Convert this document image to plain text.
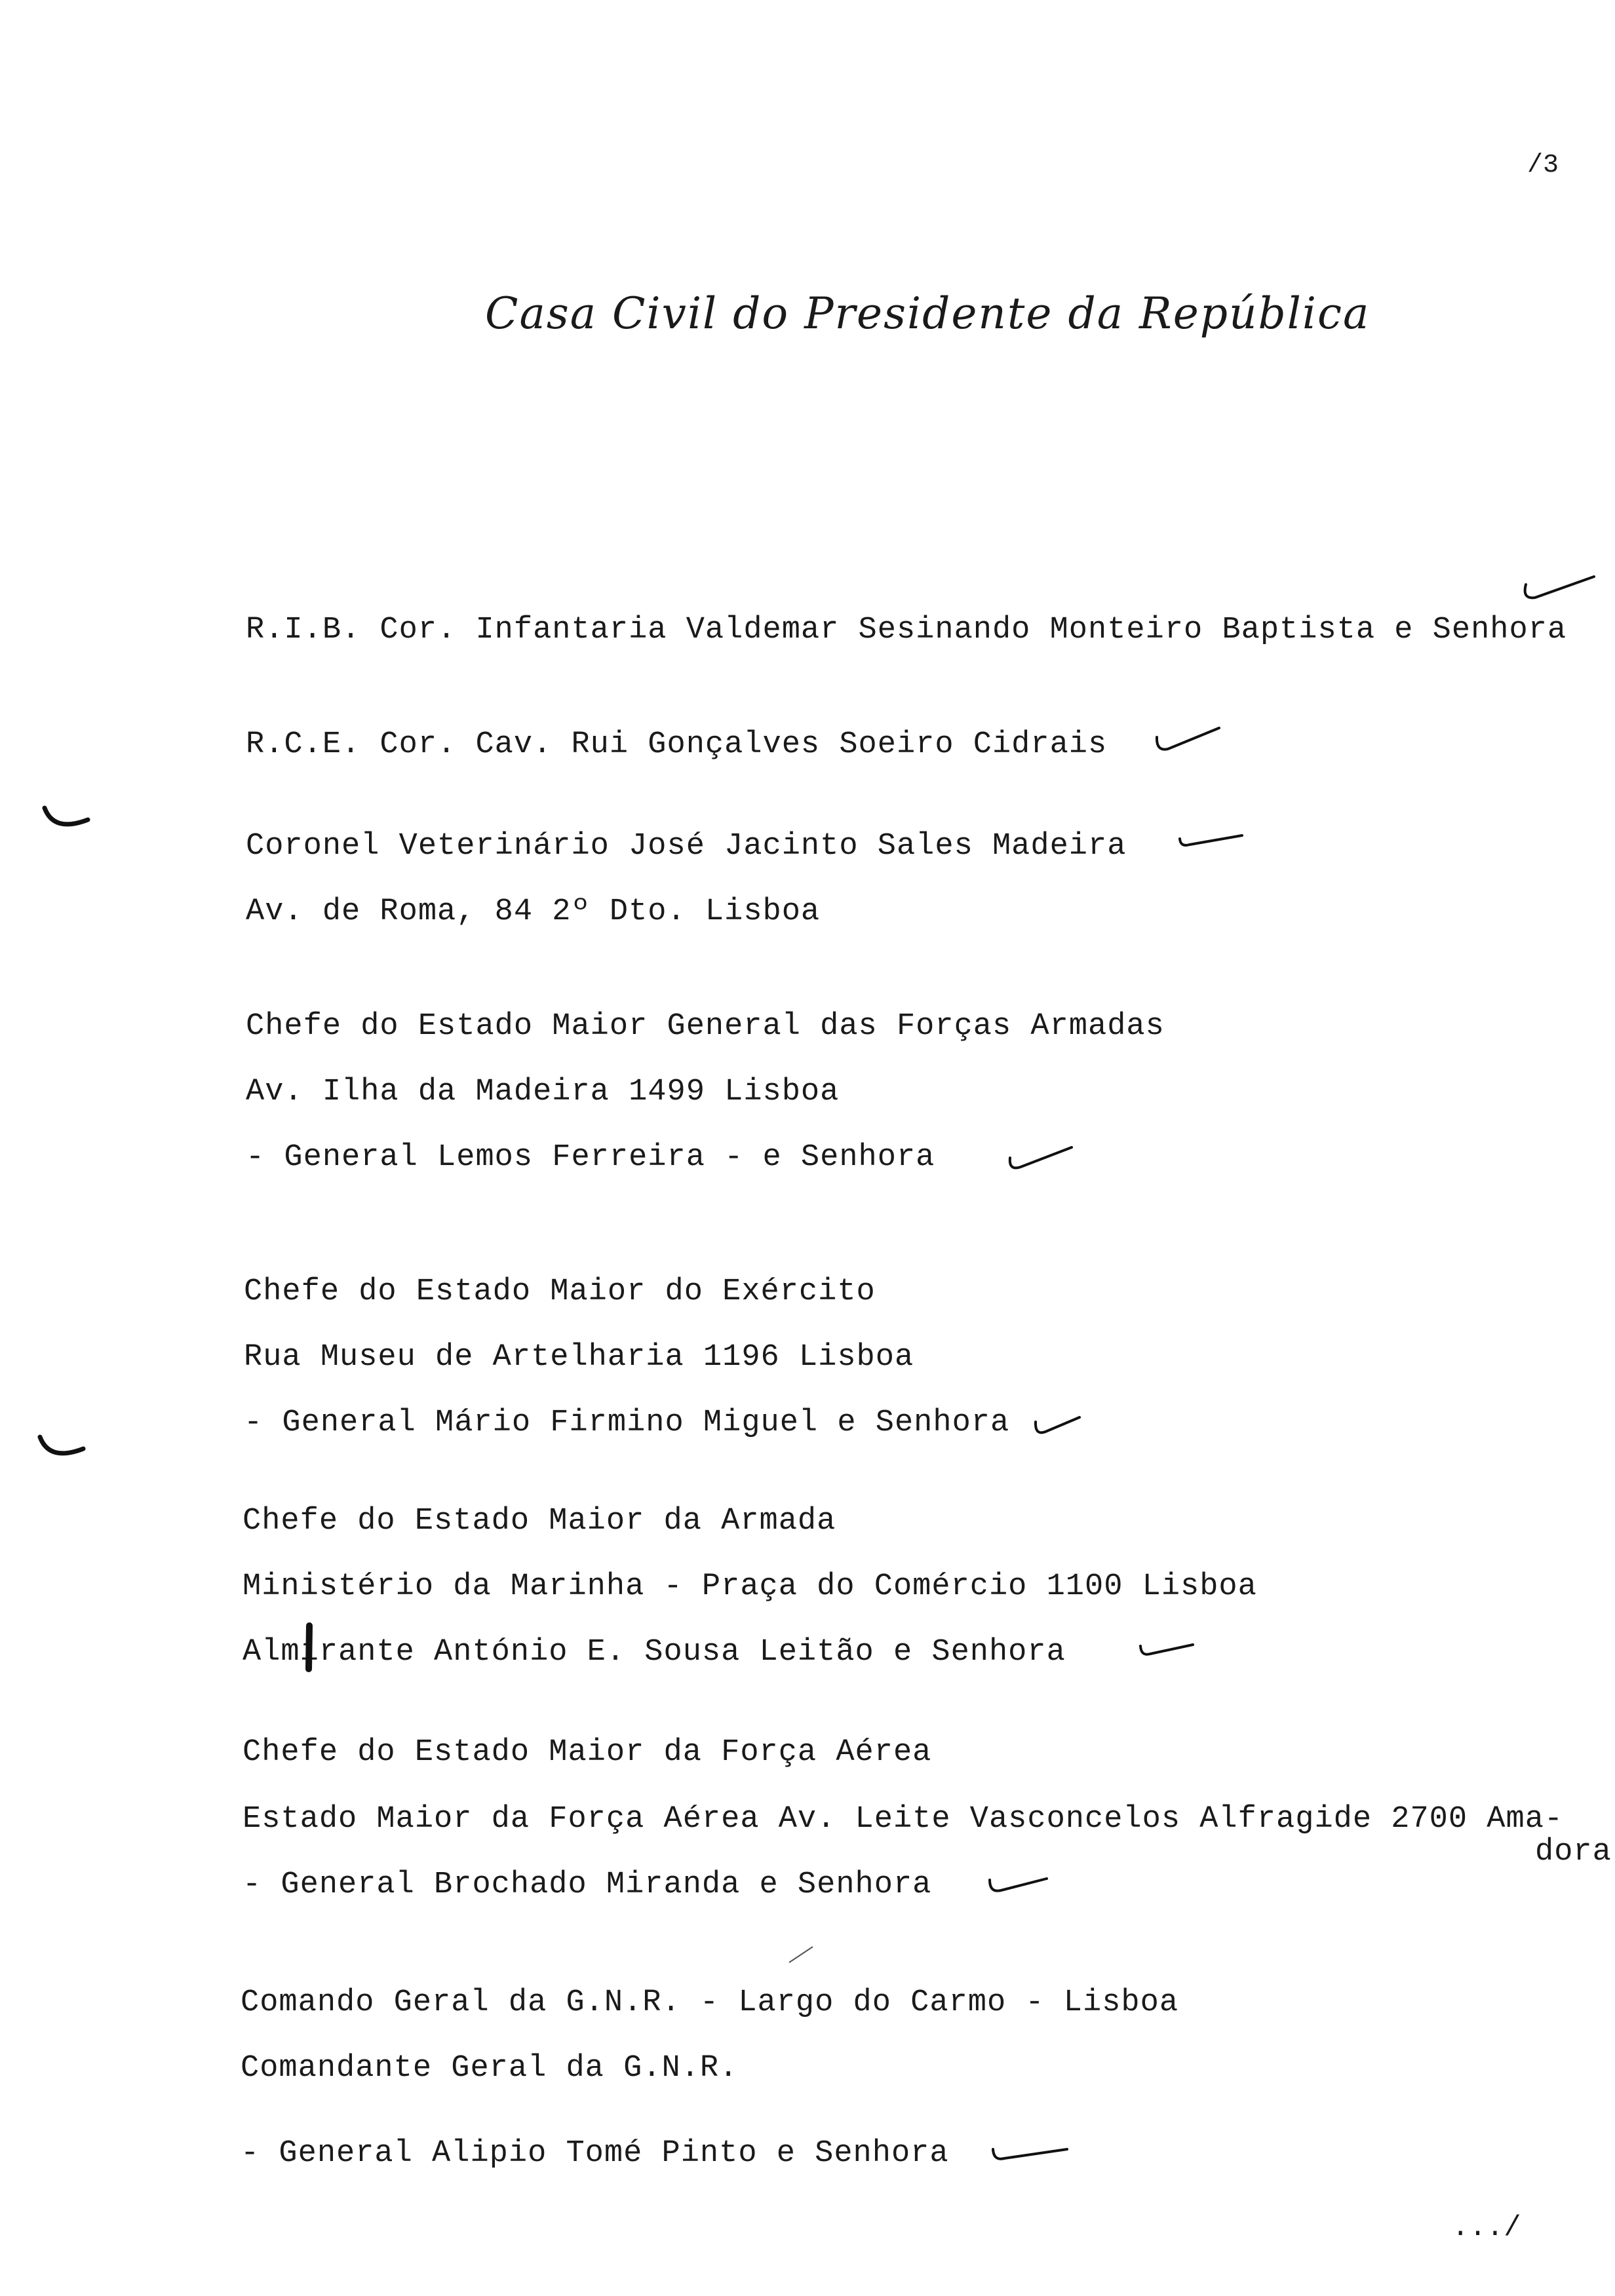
/3
Casa Civil do Presidente da República
R.I.B. Cor. Infantaria Valdemar Sesinando Monteiro Baptista e Senhora
R.C.E. Cor. Cav. Rui Gonçalves Soeiro Cidrais
Coronel Veterinário José Jacinto Sales Madeira
Av. de Roma, 84 2º Dto. Lisboa
Chefe do Estado Maior General das Forças Armadas
Av. Ilha da Madeira 1499 Lisboa
- General Lemos Ferreira - e Senhora
Chefe do Estado Maior do Exército
Rua Museu de Artelharia 1196 Lisboa
- General Mário Firmino Miguel e Senhora
Chefe do Estado Maior da Armada
Ministério da Marinha - Praça do Comércio 1100 Lisboa
Almirante António E. Sousa Leitão e Senhora
Chefe do Estado Maior da Força Aérea
Estado Maior da Força Aérea Av. Leite Vasconcelos Alfragide 2700 Ama-
dora
- General Brochado Miranda e Senhora
Comando Geral da G.N.R. - Largo do Carmo - Lisboa
Comandante Geral da G.N.R.
- General Alipio Tomé Pinto e Senhora
.../
